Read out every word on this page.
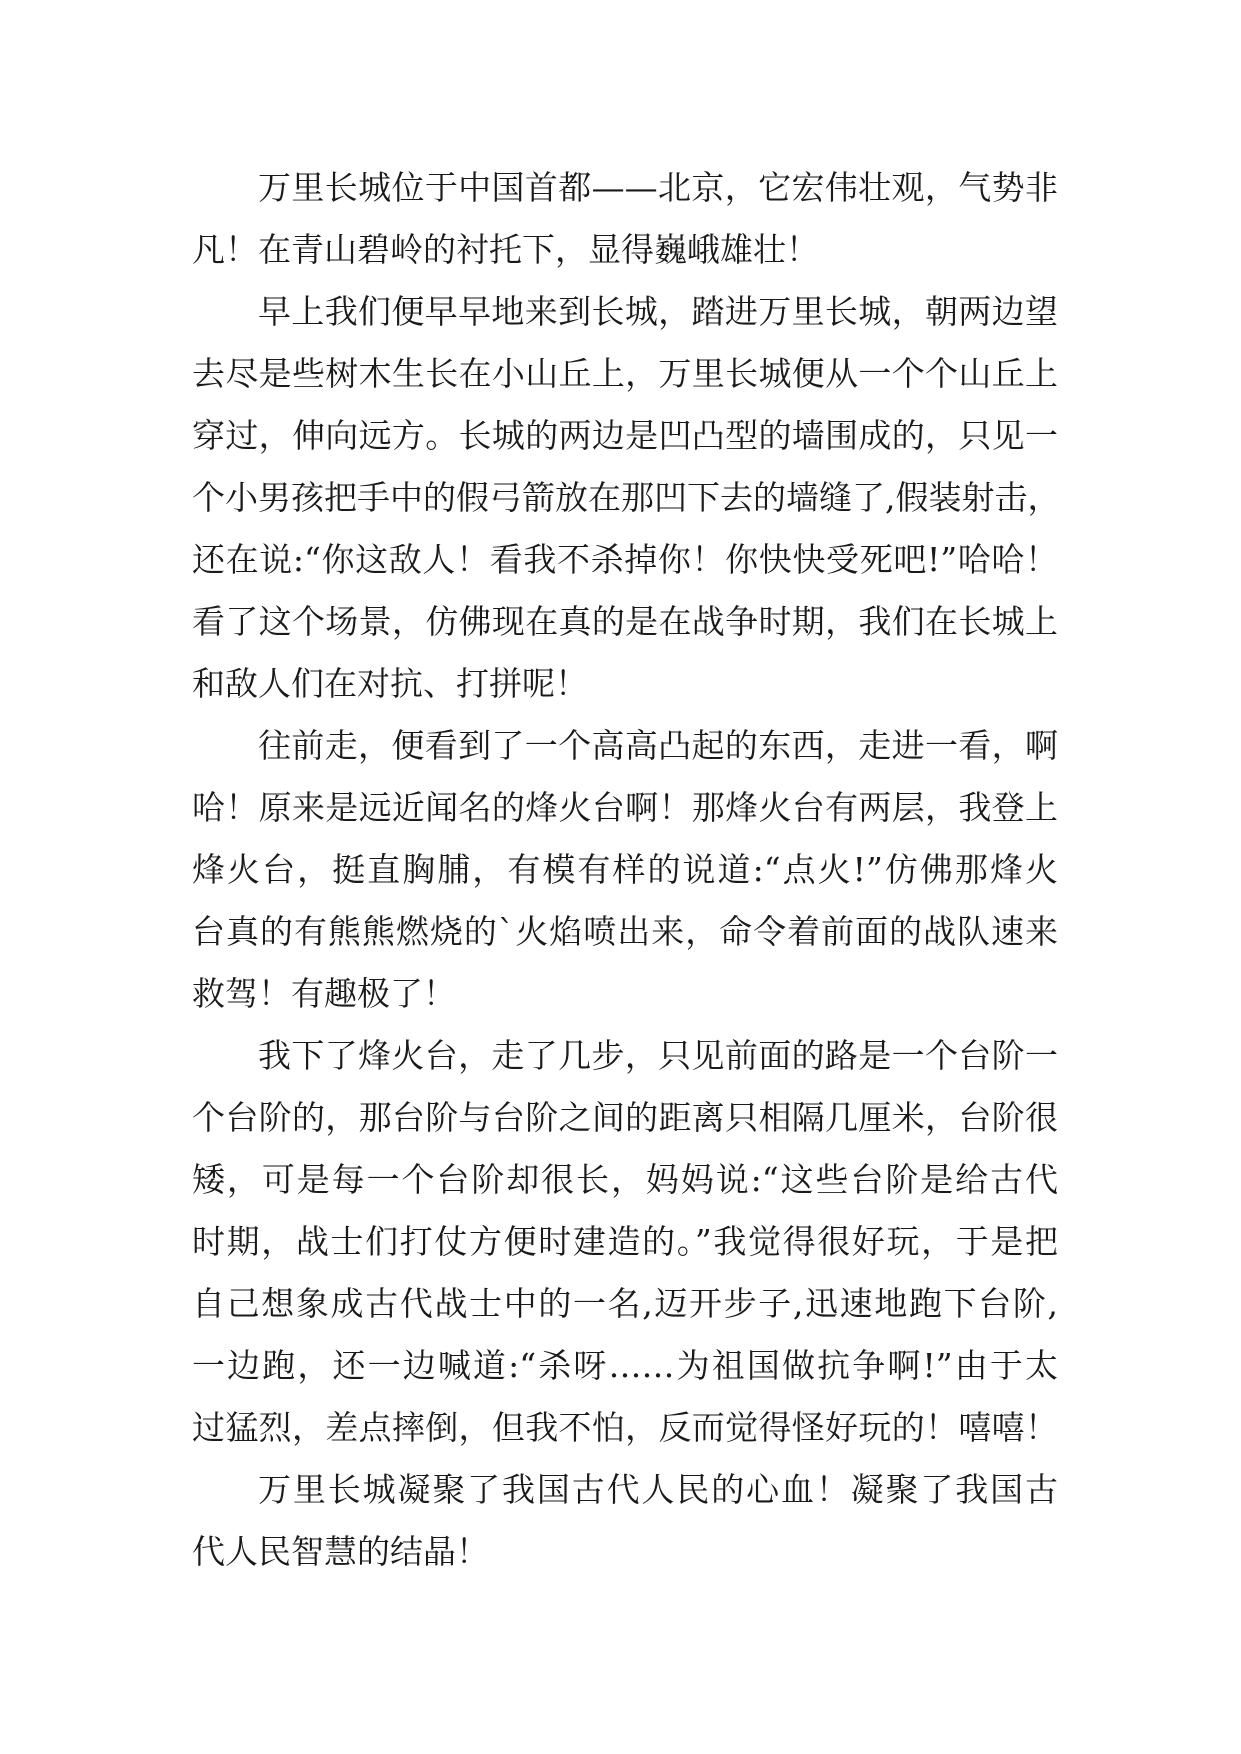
万里长城位于中国首都——北京，它宏伟壮观，气势非
凡！在青山碧岭的衬托下，显得巍峨雄壮！
早上我们便早早地来到长城，踏进万里长城，朝两边望
去尽是些树木生长在小山丘上，万里长城便从一个个山丘上
穿过，伸向远方。长城的两边是凹凸型的墙围成的，只见一
个小男孩把手中的假弓箭放在那凹下去的墙缝了,假装射击，
还在说:“你这敌人！看我不杀掉你！你快快受死吧!”哈哈！
看了这个场景，仿佛现在真的是在战争时期，我们在长城上
和敌人们在对抗、打拼呢！
往前走，便看到了一个高高凸起的东西，走进一看，啊
哈！原来是远近闻名的烽火台啊！那烽火台有两层，我登上
烽火台，挺直胸脯，有模有样的说道:“点火!”仿佛那烽火
台真的有熊熊燃烧的`火焰喷出来，命令着前面的战队速来
救驾！有趣极了！
我下了烽火台，走了几步，只见前面的路是一个台阶一
个台阶的，那台阶与台阶之间的距离只相隔几厘米，台阶很
矮，可是每一个台阶却很长，妈妈说:“这些台阶是给古代
时期，战士们打仗方便时建造的。”我觉得很好玩，于是把
自己想象成古代战士中的一名,迈开步子,迅速地跑下台阶,
一边跑，还一边喊道:“杀呀……为祖国做抗争啊!”由于太
过猛烈，差点摔倒，但我不怕，反而觉得怪好玩的！嘻嘻！
万里长城凝聚了我国古代人民的心血！凝聚了我国古
代人民智慧的结晶！
